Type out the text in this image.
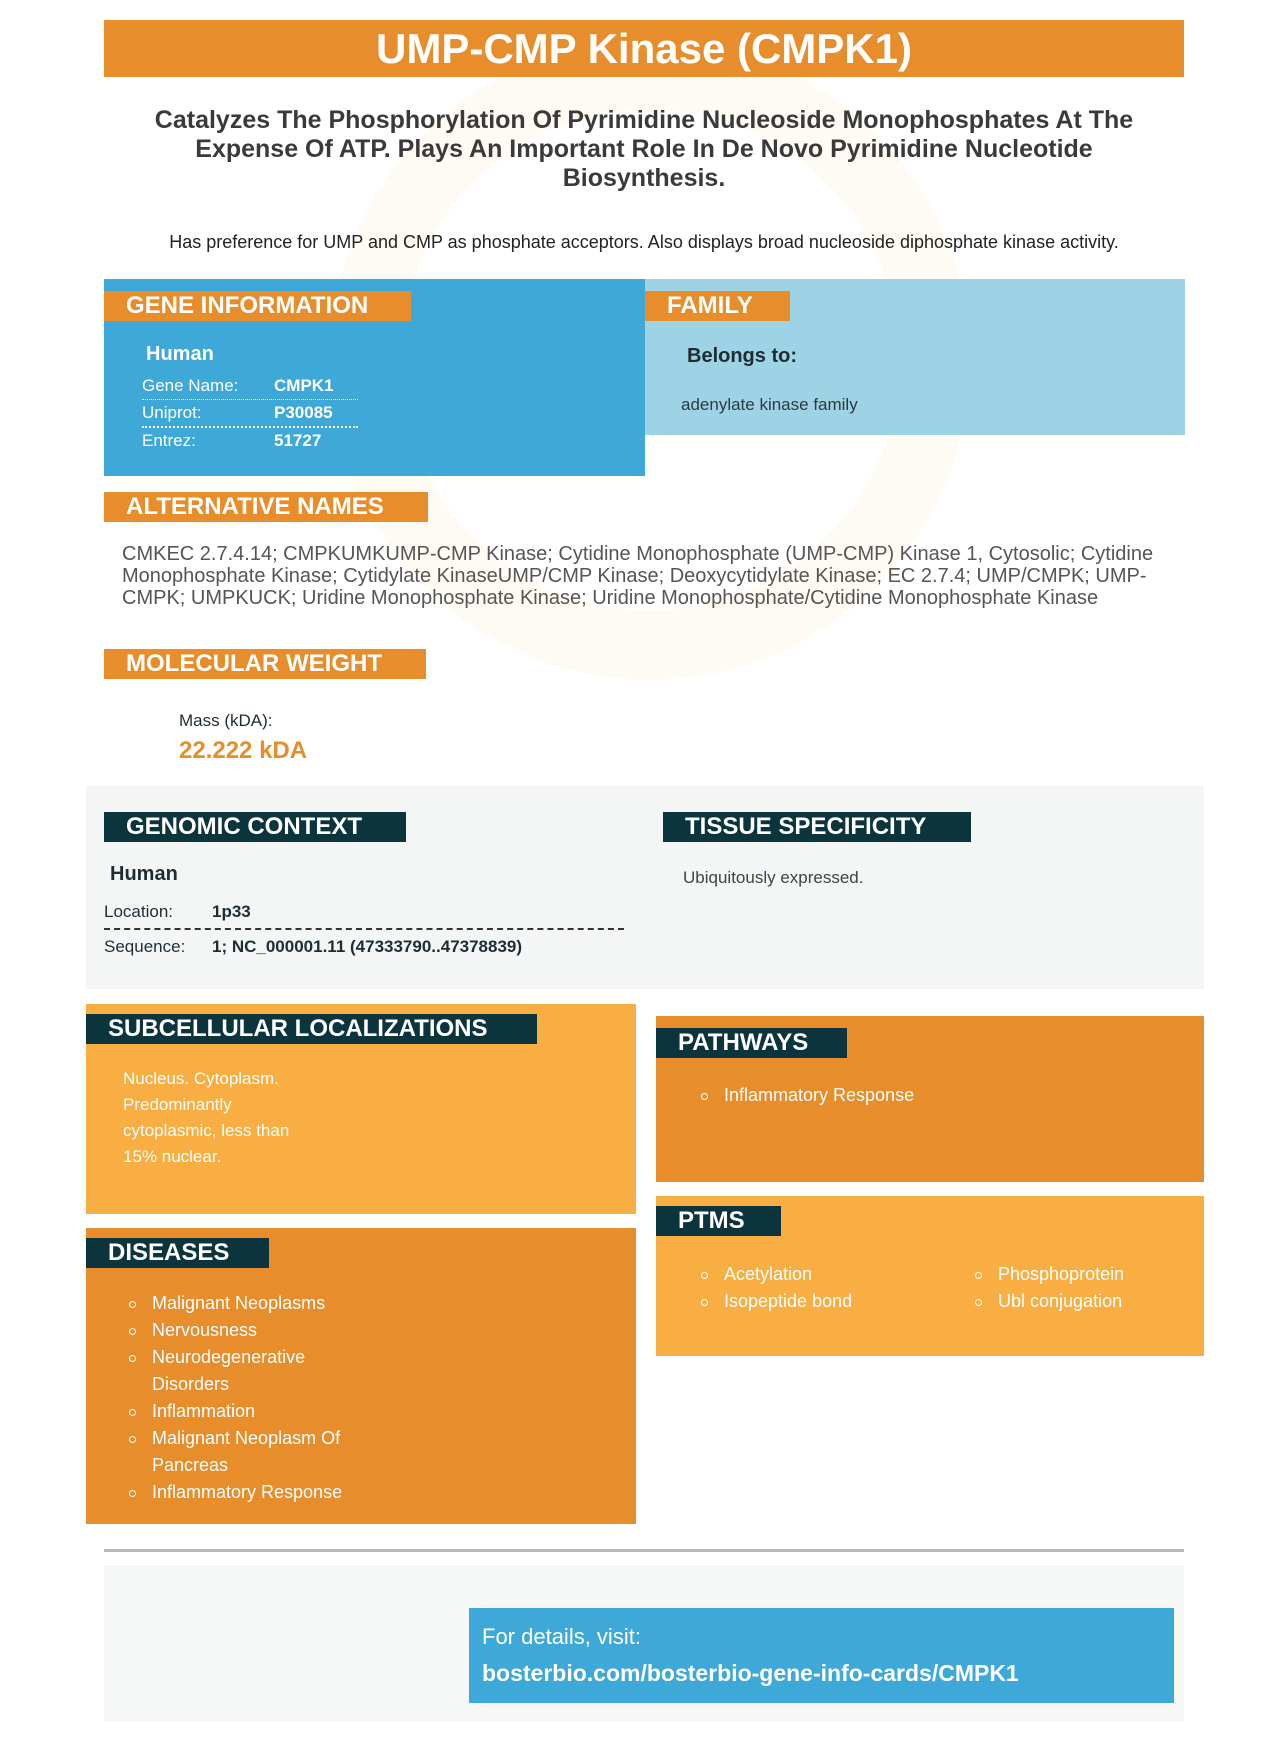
UMP-CMP Kinase (CMPK1)
Catalyzes The Phosphorylation Of Pyrimidine Nucleoside Monophosphates At The Expense Of ATP. Plays An Important Role In De Novo Pyrimidine Nucleotide Biosynthesis.
Has preference for UMP and CMP as phosphate acceptors. Also displays broad nucleoside diphosphate kinase activity.
GENE INFORMATION
Human
Gene Name: CMPK1
Uniprot:	P30085
Entrez:	51727
FAMILY
Belongs to:
adenylate kinase family
ALTERNATIVE NAMES
CMKEC 2.7.4.14; CMPKUMKUMP-CMP Kinase; Cytidine Monophosphate (UMP-CMP) Kinase 1, Cytosolic; Cytidine Monophosphate Kinase; Cytidylate KinaseUMP/CMP Kinase; Deoxycytidylate Kinase; EC 2.7.4; UMP/CMPK; UMP-CMPK; UMPKUCK; Uridine Monophosphate Kinase; Uridine Monophosphate/Cytidine Monophosphate Kinase
MOLECULAR WEIGHT
Mass (kDA):
22.222 kDA
GENOMIC CONTEXT
Human
Location: 1p33
Sequence: 1; NC_000001.11 (47333790..47378839)
TISSUE SPECIFICITY
Ubiquitously expressed.
SUBCELLULAR LOCALIZATIONS
Nucleus. Cytoplasm.
Predominantly
cytoplasmic, less than
15% nuclear.
DISEASES
Malignant Neoplasms
Nervousness
Neurodegenerative Disorders
Inflammation
Malignant Neoplasm Of Pancreas
Inflammatory Response
PATHWAYS
Inflammatory Response
PTMS
Acetylation
Isopeptide bond
Phosphoprotein
Ubl conjugation
For details, visit:
bosterbio.com/bosterbio-gene-info-cards/CMPK1
